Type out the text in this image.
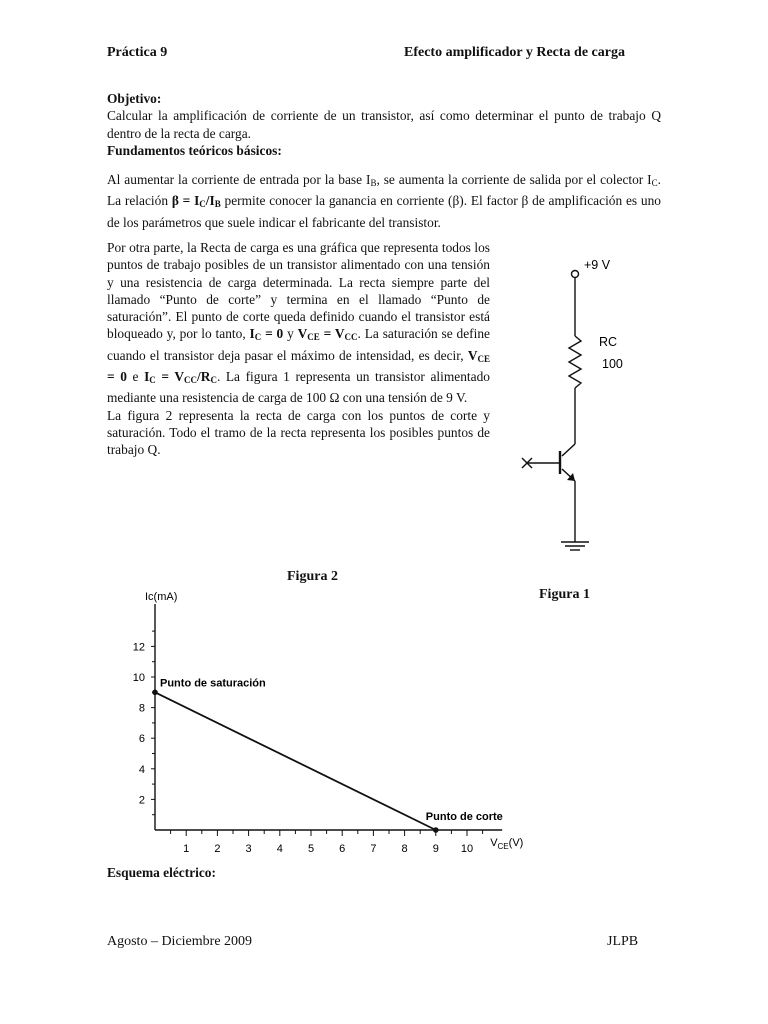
Práctica 9	Efecto amplificador y Recta de carga
Objetivo:

Calcular la amplificación de corriente de un transistor, así como determinar el punto de trabajo Q dentro de la recta de carga.

Fundamentos teóricos básicos:

Al aumentar la corriente de entrada por la base $I_B$, se aumenta la corriente de salida por el colector $I_C$. La relación $\beta = I_C/I_B$ permite conocer la ganancia en corriente (β). El factor β de amplificación es uno de los parámetros que suele indicar el fabricante del transistor.

Por otra parte, la Recta de carga es una gráfica que representa todos los puntos de trabajo posibles de un transistor alimentado con una tensión y una resistencia de carga determinada. La recta siempre parte del llamado “Punto de corte” y termina en el llamado “Punto de saturación”. El punto de corte queda definido cuando el transistor está bloqueado y, por lo tanto, $I_C = 0$ y $V_{CE} = V_{CC}$. La saturación se define cuando el transistor deja pasar el máximo de intensidad, es decir, $V_{CE} = 0$ e $I_C = V_{CC}/R_C$. La figura 1 representa un transistor alimentado mediante una resistencia de carga de 100 Ω con una tensión de 9 V.
La figura 2 representa la recta de carga con los puntos de corte y saturación. Todo el tramo de la recta representa los posibles puntos de trabajo Q.

+9 V
RC
100
Figura 2
Figura 1
Ic(mA)
2
4
6
8
10
12
1 2 3 4 5 6 7 8 9 10
Punto de saturación
Punto de corte
$V_{CE}(V)$
Esquema eléctrico:
Agosto – Diciembre 2009	JLPB
